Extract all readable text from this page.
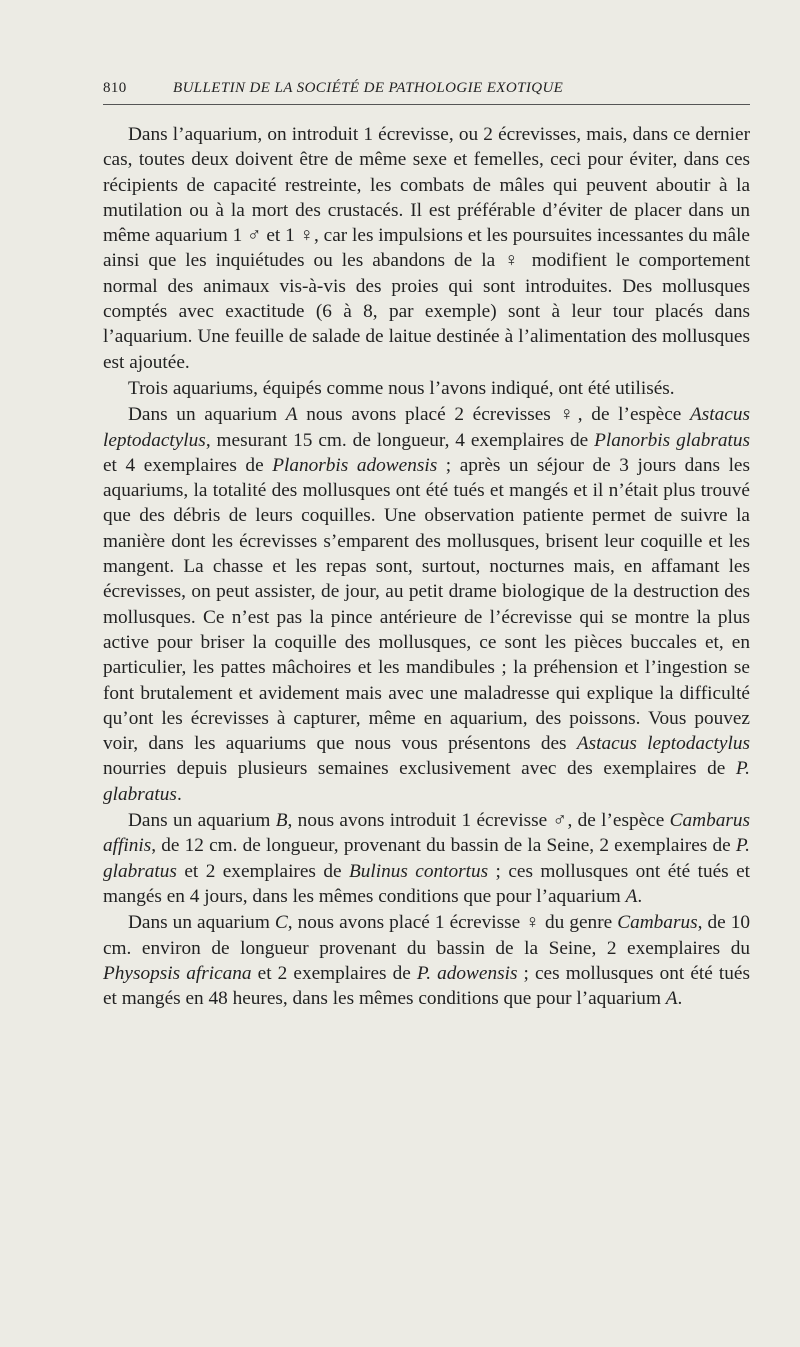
810	BULLETIN DE LA SOCIÉTÉ DE PATHOLOGIE EXOTIQUE

Dans l’aquarium, on introduit 1 écrevisse, ou 2 écrevisses, mais, dans ce dernier cas, toutes deux doivent être de même sexe et femelles, ceci pour éviter, dans ces récipients de capacité restreinte, les combats de mâles qui peuvent aboutir à la mutilation ou à la mort des crustacés. Il est préférable d’éviter de placer dans un même aquarium 1 ♂ et 1 ♀, car les impulsions et les poursuites incessantes du mâle ainsi que les inquiétudes ou les abandons de la ♀ modifient le comportement normal des animaux vis-à-vis des proies qui sont introduites. Des mollusques comptés avec exactitude (6 à 8, par exemple) sont à leur tour placés dans l’aquarium. Une feuille de salade de laitue destinée à l’alimentation des mollusques est ajoutée.

Trois aquariums, équipés comme nous l’avons indiqué, ont été utilisés.

Dans un aquarium A nous avons placé 2 écrevisses ♀, de l’espèce Astacus leptodactylus, mesurant 15 cm. de longueur, 4 exemplaires de Planorbis glabratus et 4 exemplaires de Planorbis adowensis ; après un séjour de 3 jours dans les aquariums, la totalité des mollusques ont été tués et mangés et il n’était plus trouvé que des débris de leurs coquilles. Une observation patiente permet de suivre la manière dont les écrevisses s’emparent des mollusques, brisent leur coquille et les mangent. La chasse et les repas sont, surtout, nocturnes mais, en affamant les écrevisses, on peut assister, de jour, au petit drame biologique de la destruction des mollusques. Ce n’est pas la pince antérieure de l’écrevisse qui se montre la plus active pour briser la coquille des mollusques, ce sont les pièces buccales et, en particulier, les pattes mâchoires et les mandibules ; la préhension et l’ingestion se font brutalement et avidement mais avec une maladresse qui explique la difficulté qu’ont les écrevisses à capturer, même en aquarium, des poissons. Vous pouvez voir, dans les aquariums que nous vous présentons des Astacus leptodactylus nourries depuis plusieurs semaines exclusivement avec des exemplaires de P. glabratus.

Dans un aquarium B, nous avons introduit 1 écrevisse ♂, de l’espèce Cambarus affinis, de 12 cm. de longueur, provenant du bassin de la Seine, 2 exemplaires de P. glabratus et 2 exemplaires de Bulinus contortus ; ces mollusques ont été tués et mangés en 4 jours, dans les mêmes conditions que pour l’aquarium A.

Dans un aquarium C, nous avons placé 1 écrevisse ♀ du genre Cambarus, de 10 cm. environ de longueur provenant du bassin de la Seine, 2 exemplaires du Physopsis africana et 2 exemplaires de P. adowensis ; ces mollusques ont été tués et mangés en 48 heures, dans les mêmes conditions que pour l’aquarium A.
